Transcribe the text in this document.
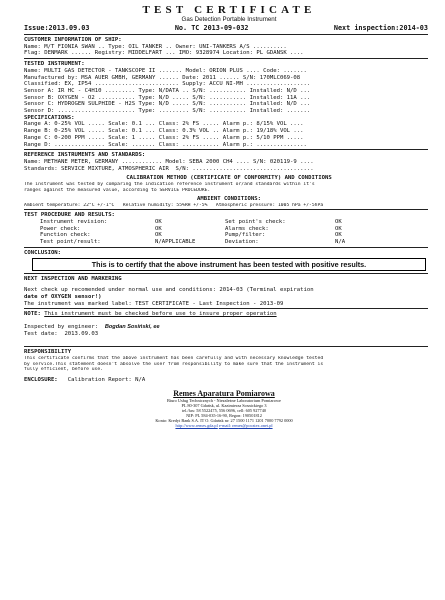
TEST CERTIFICATE
Gas Detection Portable Instrument
Issue:2013.09.03	No. TC 2013-09-032	Next inspection:2014-03
CUSTOMER INFORMATION OF SHIP:
Name: M/T FIONIA SWAN .. Type: OIL TANKER .. Owner: UNI-TANKERS A/S ..........
Flag: DENMARK ...... Registry: MIDDELFART ... IMO: 9328974 Location: PL GDANSK ....
TESTED INSTRUMENT:
Name: MULTI GAS DETECTOR - TANKSCOPE II ....... Model: ORION PLUS .... Code: .......
Manufactured by: MSA AUER GMBH, GERMANY ...... Date: 2011 ...... S/N: 170MLC069-08
Classified: EX, IP54 ......................... Supply: ACCU NI-MH ...................
Sensor A: IR HC - C4H10 ......... Type: N/DATA .. S/N: ........... Installed: N/D ...
Sensor B: OXYGEN - O2 ........... Type: N/D ..... S/N: ........... Installed: 11A ...
Sensor C: HYDROGEN SULPHIDE - H2S Type: N/D ..... S/N: ........... Installed: N/D ...
Sensor D: ....................... Type: ......... S/N: ........... Installed: .......
SPECIFICATIONS:
Range A: 0-25% VOL ..... Scale: 0.1 ... Class: 2% FS ..... Alarm p.: 8/15% VOL ....
Range B: 0-25% VOL ..... Scale: 0.1 ... Class: 0.3% VOL .. Alarm p.: 19/18% VOL ...
Range C: 0-200 PPM ..... Scale: 1 ..... Class: 2% FS ..... Alarm p.: 5/10 PPM .....
Range D: ............... Scale: ....... Class: ........... Alarm p.: ...............
REFERENCE INSTRUMENTS AND STANDARDS:
Name: METHANE METER, GERMANY ............ Model: SEBA 2000 CH4 .... S/N: 020119-9 ....
Standards: SERVICE MIXTURE, ATMOSPHERIC AIR  S/N: ....................................
CALIBRATION METHOD (CERTIFICATE OF CONFORMITY) AND CONDITIONS
The instrument was tested by comparing the indication reference instrument or/and standards within it's
ranges against the measured value, according to SERVICE PROCEDURE.
AMBIENT CONDITIONS:
Ambient temperature: 22°C +/-1°C   Relative humidity: 55%RH +/-5%   Atmospheric pressure: 1005 hPa +/-5hPa
TEST PROCEDURE AND RESULTS:
Instrument revision:	OK	Set point's check:	OK
Power check:	OK	Alarms check:	OK
Function check:	OK	Pump/filter:	OK
Test point/result:	N/APPLICABLE	Deviation:	N/A
CONCLUSION:
This is to certify that the above instrument has been tested with positive results.
NEXT INSPECTION AND MARKERING
Next check up recomended under normal use and conditions: 2014-03 (Terminal expiration
date of OXYGEN sensor!)
The instrument was marked label: TEST CERTIFICATE - Last Inspection - 2013-09
NOTE: This instrument must be checked before use to insure proper operation
Inspected by engineer: Bogdan Sosiński, ee
Test date: 2013.09.03
RESPONSIBILITY
This certificate confirms that the above instrument has been carefully and with necessary knowledge tested
by service.This statement doesn't absolve the user from responsibility to make sure that the instrument is
fully efficient, before use.
ENCLOSURE: Calibration Report: N/A
Remes Aparatura Pomiarowa
Biuro Usług Technicznych - Niezależne Laboratorium Pomiarowe
PL 80-307 Gdańsk, ul. Kazimierza Sosnickiego 3
tel./fax: 58 5522475, 556 0696, cell: 605 927740
NIP: PL 584-035-16-90, Regon: 190501812
Konto: Kredyt Bank S.A. IT O. Gdańsk nr: 27 1500 1171 1201 7000 7792 0000
http://www.remes.gda.pl e-mail: remes@pocztex.onet.pl
